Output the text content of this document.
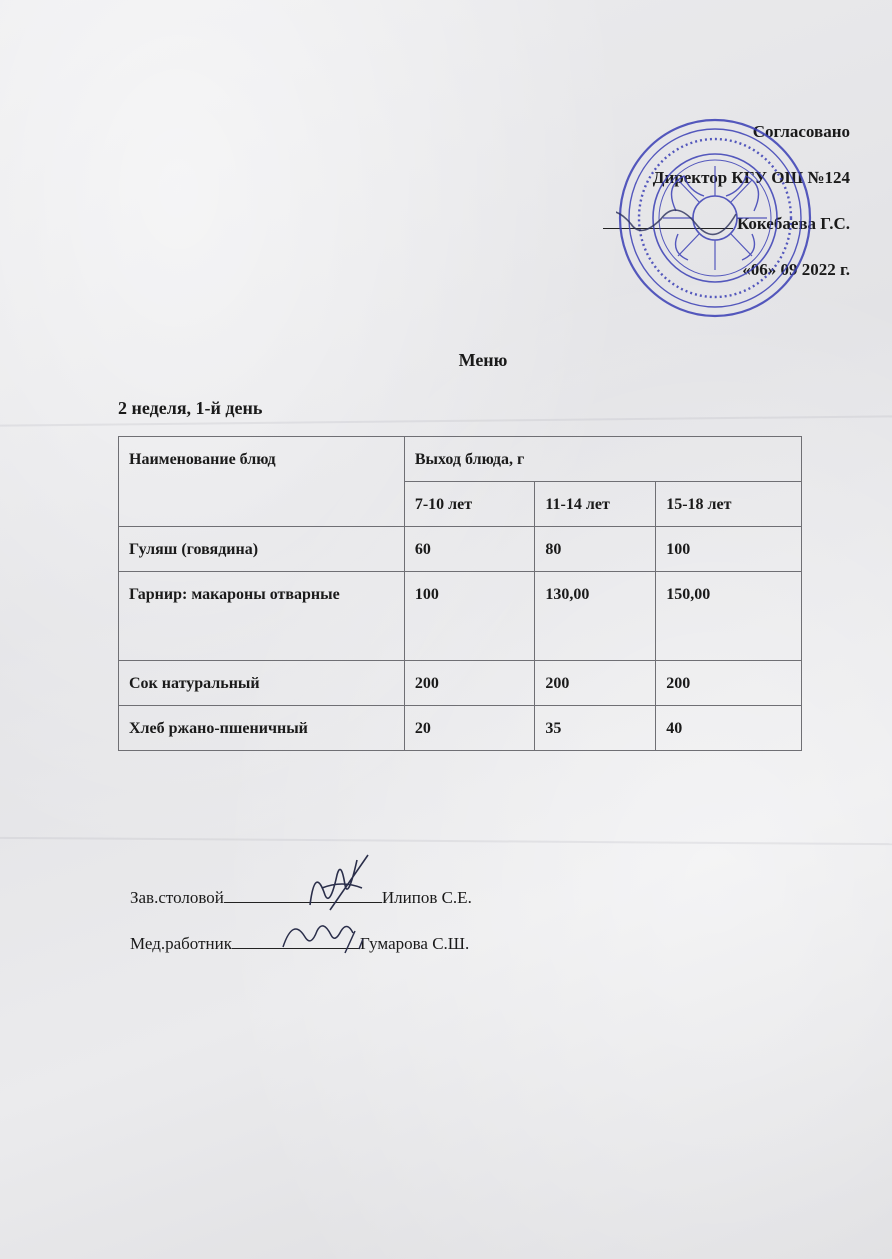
Согласовано
Директор КГУ ОШ №124
Кокебаева Г.С.
«06» 09 2022 г.
Меню
2 неделя, 1-й день
Наименование блюд	Выход блюда, г		
	7-10 лет	11-14 лет	15-18 лет
Гуляш (говядина)	60	80	100
Гарнир: макароны отварные	100	130,00	150,00
Сок натуральный	200	200	200
Хлеб ржано-пшеничный	20	35	40
Зав.столовой	Илипов С.Е.
Мед.работник	Гумарова С.Ш.
